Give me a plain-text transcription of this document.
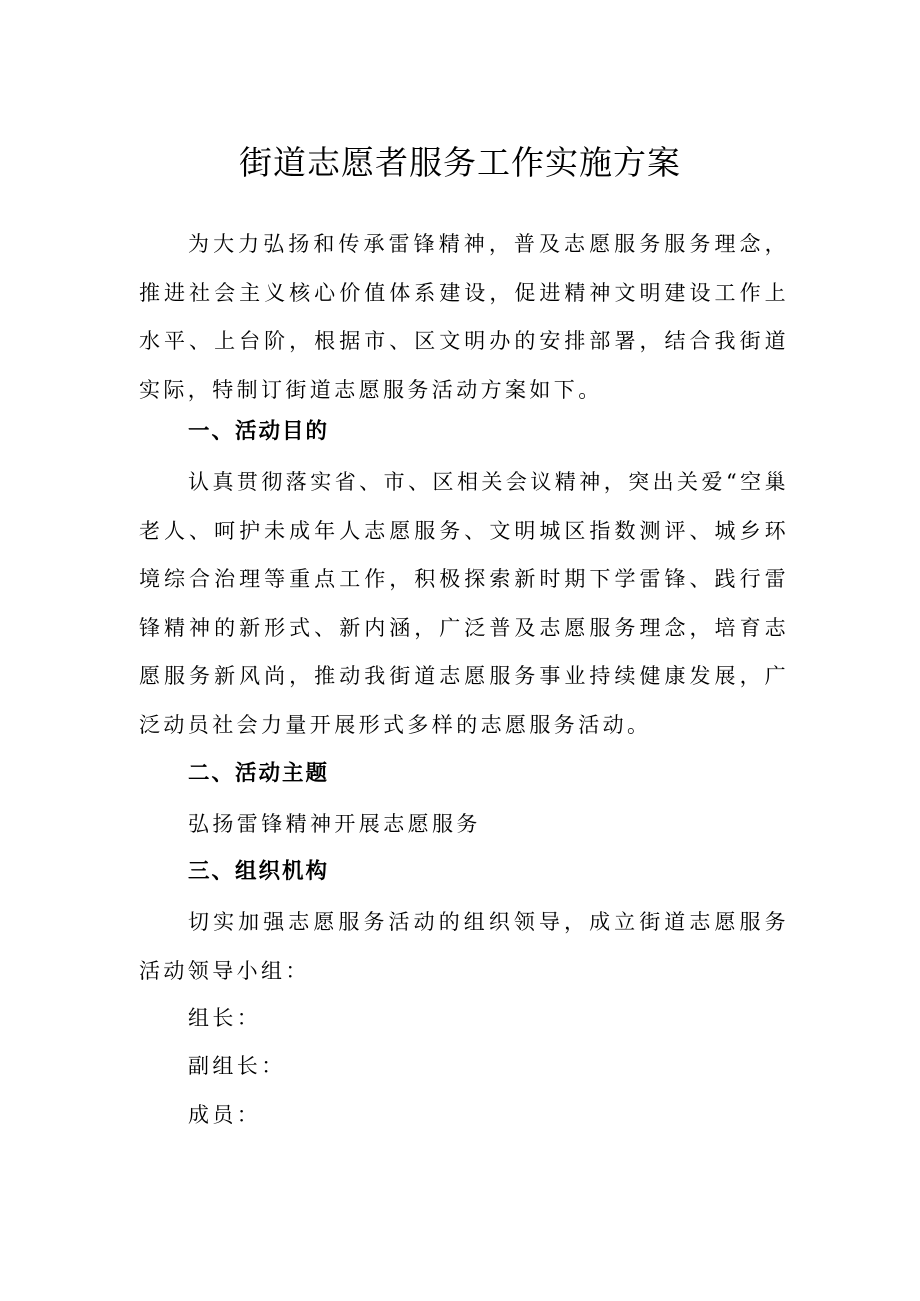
街道志愿者服务工作实施方案

为大力弘扬和传承雷锋精神，普及志愿服务服务理念，推进社会主义核心价值体系建设，促进精神文明建设工作上水平、上台阶，根据市、区文明办的安排部署，结合我街道实际，特制订街道志愿服务活动方案如下。

一、活动目的

认真贯彻落实省、市、区相关会议精神，突出关爱“空巢老人、呵护未成年人志愿服务、文明城区指数测评、城乡环境综合治理等重点工作，积极探索新时期下学雷锋、践行雷锋精神的新形式、新内涵，广泛普及志愿服务理念，培育志愿服务新风尚，推动我街道志愿服务事业持续健康发展，广泛动员社会力量开展形式多样的志愿服务活动。

二、活动主题

弘扬雷锋精神开展志愿服务

三、组织机构

切实加强志愿服务活动的组织领导，成立街道志愿服务活动领导小组：

组长：

副组长：

成员：
